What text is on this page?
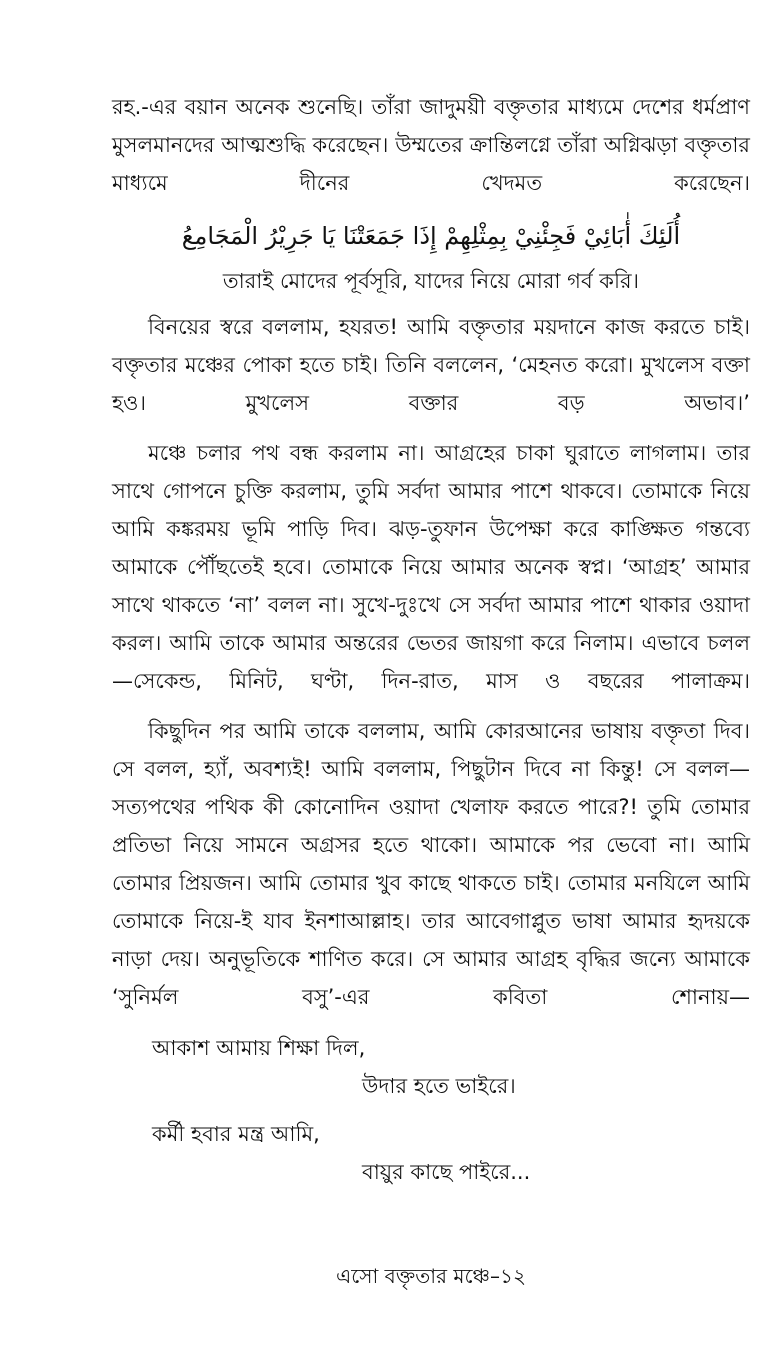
রহ.-এর বয়ান অনেক শুনেছি। তাঁরা জাদুময়ী বক্তৃতার মাধ্যমে দেশের ধর্মপ্রাণ মুসলমানদের আত্মশুদ্ধি করেছেন। উম্মতের ক্রান্তিলগ্নে তাঁরা অগ্নিঝড়া বক্তৃতার মাধ্যমে দীনের খেদমত করেছেন।

أُلَئِكَ أٰبَائِيْ فَجِئْنِيْ بِمِثْلِهِمْ إِذَا جَمَعَتْنَا يَا جَرِيْرُ الْمَجَامِعُ
তারাই মোদের পূর্বসূরি, যাদের নিয়ে মোরা গর্ব করি।

বিনয়ের স্বরে বললাম, হযরত! আমি বক্তৃতার ময়দানে কাজ করতে চাই। বক্তৃতার মঞ্চের পোকা হতে চাই। তিনি বললেন, ‘মেহনত করো। মুখলেস বক্তা হও। মুখলেস বক্তার বড় অভাব।’

মঞ্চে চলার পথ বন্ধ করলাম না। আগ্রহের চাকা ঘুরাতে লাগলাম। তার সাথে গোপনে চুক্তি করলাম, তুমি সর্বদা আমার পাশে থাকবে। তোমাকে নিয়ে আমি কঙ্করময় ভূমি পাড়ি দিব। ঝড়-তুফান উপেক্ষা করে কাঙ্ক্ষিত গন্তব্যে আমাকে পৌঁছতেই হবে। তোমাকে নিয়ে আমার অনেক স্বপ্ন। ‘আগ্রহ’ আমার সাথে থাকতে ‘না’ বলল না। সুখে-দুঃখে সে সর্বদা আমার পাশে থাকার ওয়াদা করল। আমি তাকে আমার অন্তরের ভেতর জায়গা করে নিলাম। এভাবে চলল—সেকেন্ড, মিনিট, ঘণ্টা, দিন-রাত, মাস ও বছরের পালাক্রম।

কিছুদিন পর আমি তাকে বললাম, আমি কোরআনের ভাষায় বক্তৃতা দিব। সে বলল, হ্যাঁ, অবশ্যই! আমি বললাম, পিছুটান দিবে না কিন্তু! সে বলল—সত্যপথের পথিক কী কোনোদিন ওয়াদা খেলাফ করতে পারে?! তুমি তোমার প্রতিভা নিয়ে সামনে অগ্রসর হতে থাকো। আমাকে পর ভেবো না। আমি তোমার প্রিয়জন। আমি তোমার খুব কাছে থাকতে চাই। তোমার মনযিলে আমি তোমাকে নিয়ে-ই যাব ইনশাআল্লাহ। তার আবেগাপ্লুত ভাষা আমার হৃদয়কে নাড়া দেয়। অনুভূতিকে শাণিত করে। সে আমার আগ্রহ বৃদ্ধির জন্যে আমাকে ‘সুনির্মল বসু’-এর কবিতা শোনায়—

আকাশ আমায় শিক্ষা দিল,
উদার হতে ভাইরে।
কর্মী হবার মন্ত্র আমি,
বায়ুর কাছে পাইরে...
এসো বক্তৃতার মঞ্চে–১২
